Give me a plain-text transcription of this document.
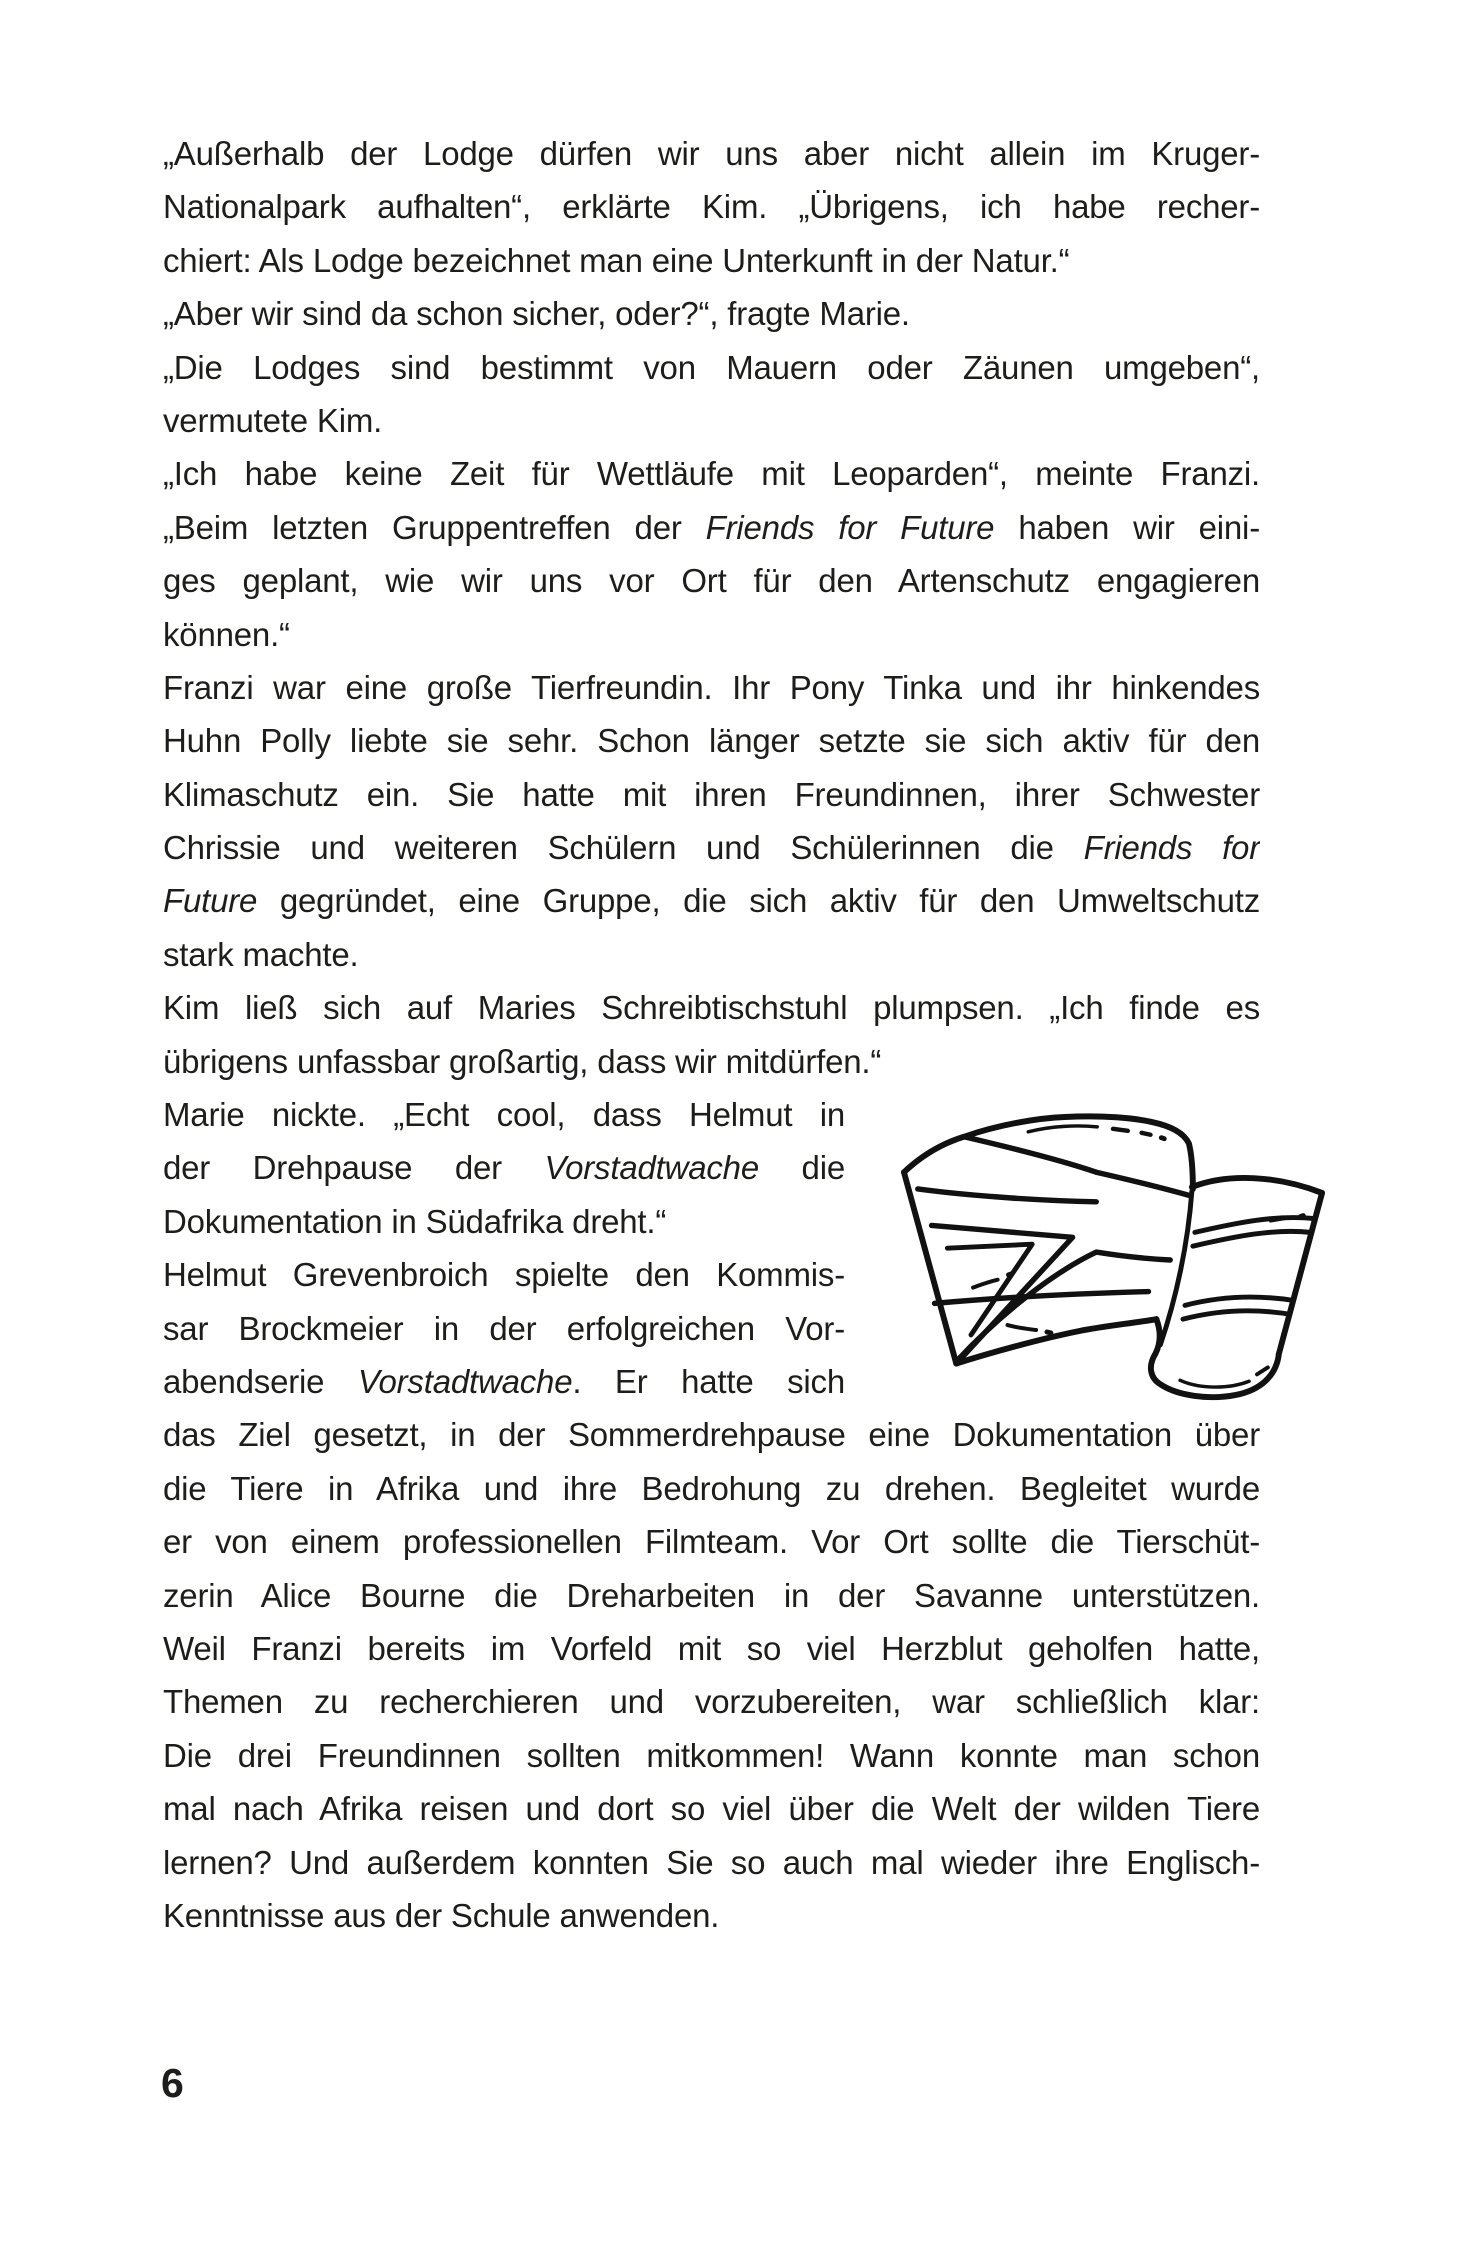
„Außerhalb der Lodge dürfen wir uns aber nicht allein im Kruger-
Nationalpark aufhalten“, erklärte Kim. „Übrigens, ich habe recher-
chiert: Als Lodge bezeichnet man eine Unterkunft in der Natur.“
„Aber wir sind da schon sicher, oder?“, fragte Marie.
„Die Lodges sind bestimmt von Mauern oder Zäunen umgeben“,
vermutete Kim.
„Ich habe keine Zeit für Wettläufe mit Leoparden“, meinte Franzi.
„Beim letzten Gruppentreffen der Friends for Future haben wir eini-
ges geplant, wie wir uns vor Ort für den Artenschutz engagieren
können.“
Franzi war eine große Tierfreundin. Ihr Pony Tinka und ihr hinkendes
Huhn Polly liebte sie sehr. Schon länger setzte sie sich aktiv für den
Klimaschutz ein. Sie hatte mit ihren Freundinnen, ihrer Schwester
Chrissie und weiteren Schülern und Schülerinnen die Friends for
Future gegründet, eine Gruppe, die sich aktiv für den Umweltschutz
stark machte.
Kim ließ sich auf Maries Schreibtischstuhl plumpsen. „Ich finde es
übrigens unfassbar großartig, dass wir mitdürfen.“
Marie nickte. „Echt cool, dass Helmut in
der Drehpause der Vorstadtwache die
Dokumentation in Südafrika dreht.“
Helmut Grevenbroich spielte den Kommis-
sar Brockmeier in der erfolgreichen Vor-
abendserie Vorstadtwache. Er hatte sich
das Ziel gesetzt, in der Sommerdrehpause eine Dokumentation über
die Tiere in Afrika und ihre Bedrohung zu drehen. Begleitet wurde
er von einem professionellen Filmteam. Vor Ort sollte die Tierschüt-
zerin Alice Bourne die Dreharbeiten in der Savanne unterstützen.
Weil Franzi bereits im Vorfeld mit so viel Herzblut geholfen hatte,
Themen zu recherchieren und vorzubereiten, war schließlich klar:
Die drei Freundinnen sollten mitkommen! Wann konnte man schon
mal nach Afrika reisen und dort so viel über die Welt der wilden Tiere
lernen? Und außerdem konnten Sie so auch mal wieder ihre Englisch-
Kenntnisse aus der Schule anwenden.
6
